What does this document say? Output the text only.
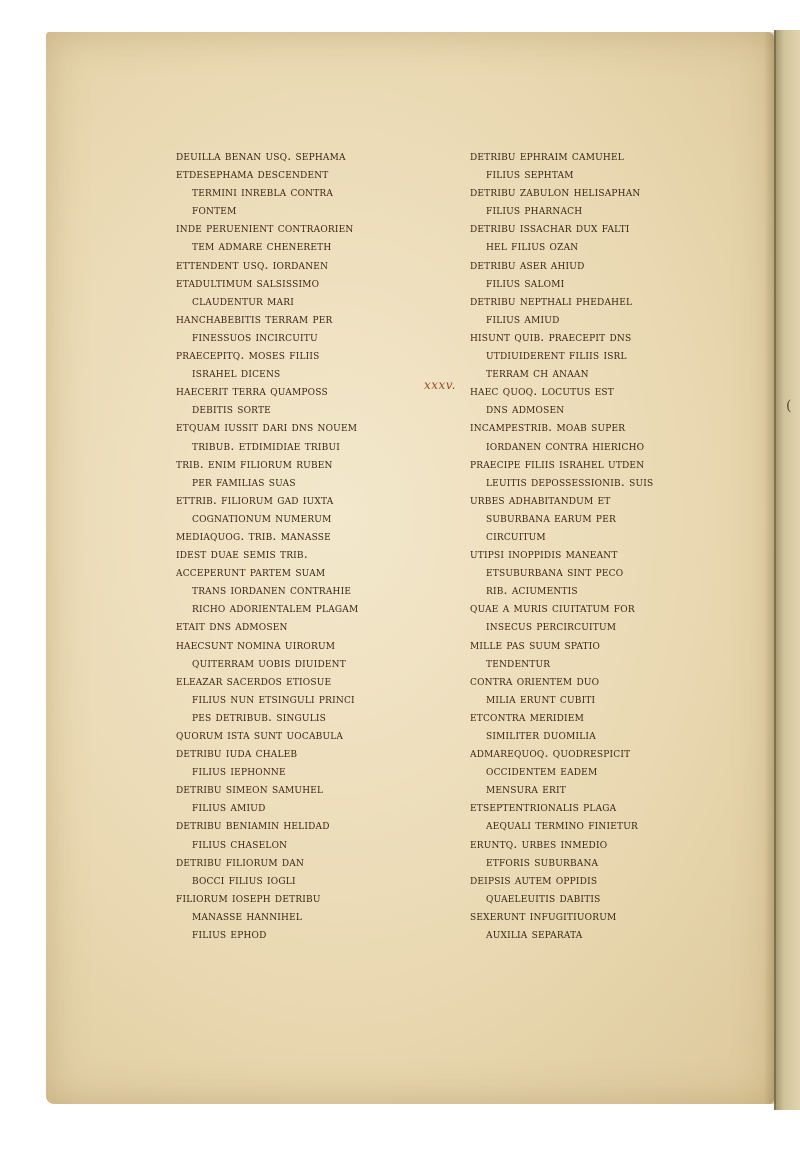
deuilla benan usq. sephama
etdesephama descendent
termini inrebla contra
fontem
inde peruenient contraorien
tem admare chenereth
ettendent usq. iordanen
etadultimum salsissimo
claudentur mari
hanchabebitis terram per
finessuos incircuitu
praecepitq. moses filiis
israhel dicens
haecerit terra quamposs
debitis sorte
etquam iussit dari dns nouem
tribub. etdimidiae tribui
trib. enim filiorum ruben
per familias suas
ettrib. filiorum gad iuxta
cognationum numerum
mediaquog. trib. manasse
idest duae semis trib.
acceperunt partem suam
trans iordanen contrahie
richo adorientalem plagam
etait dns admosen
haecsunt nomina uirorum
quiterram uobis diuident
eleazar sacerdos etiosue
filius nun etsinguli princi
pes detribub. singulis
quorum ista sunt uocabula
detribu iuda chaleb
filius iephonne
detribu simeon samuhel
filius amiud
detribu beniamin helidad
filius chaselon
detribu filiorum dan
bocci filius iogli
filiorum ioseph detribu
manasse hannihel
filius ephod
detribu ephraim camuhel
filius sephtam
detribu zabulon helisaphan
filius pharnach
detribu issachar dux falti
hel filius ozan
detribu aser ahiud
filius salomi
detribu nepthali phedahel
filius amiud
hisunt quib. praecepit dns
utdiuiderent filiis isrl
terram ch anaan
haec quoq. locutus est
dns admosen
incampestrib. moab super
iordanen contra hiericho
praecipe filiis israhel utden
leuitis depossessionib. suis
urbes adhabitandum et
suburbana earum per
circuitum
utipsi inoppidis maneant
etsuburbana sint peco
rib. aciumentis
quae a muris ciuitatum for
insecus percircuitum
mille pas suum spatio
tendentur
contra orientem duo
milia erunt cubiti
etcontra meridiem
similiter duomilia
admarequoq. quodrespicit
occidentem eadem
mensura erit
etseptentrionalis plaga
aequali termino finietur
eruntq. urbes inmedio
etforis suburbana
deipsis autem oppidis
quaeleuitis dabitis
sexerunt infugitiuorum
auxilia separata
xxxv.
(
